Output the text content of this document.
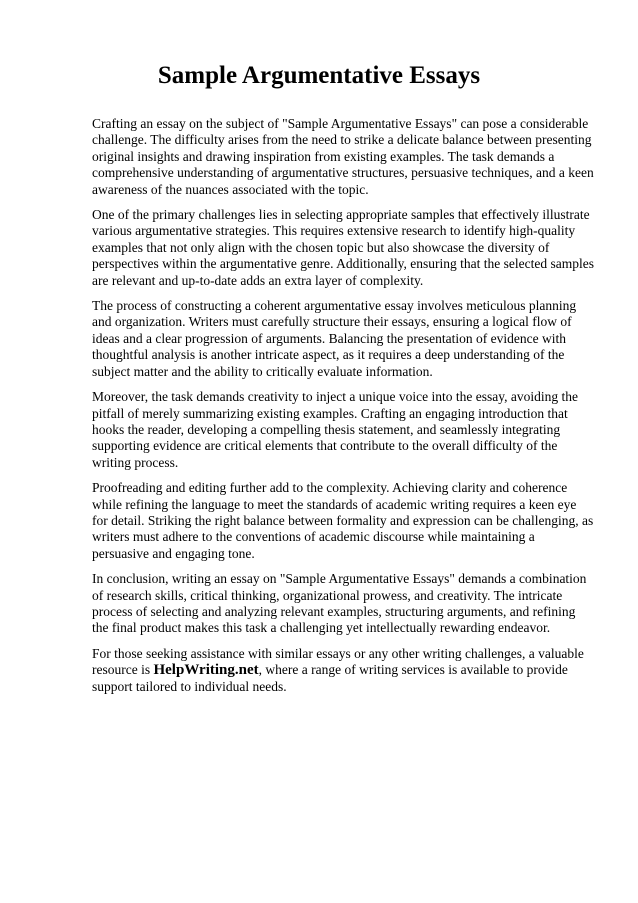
Sample Argumentative Essays

Crafting an essay on the subject of "Sample Argumentative Essays" can pose a considerable challenge. The difficulty arises from the need to strike a delicate balance between presenting original insights and drawing inspiration from existing examples. The task demands a comprehensive understanding of argumentative structures, persuasive techniques, and a keen awareness of the nuances associated with the topic.

One of the primary challenges lies in selecting appropriate samples that effectively illustrate various argumentative strategies. This requires extensive research to identify high-quality examples that not only align with the chosen topic but also showcase the diversity of perspectives within the argumentative genre. Additionally, ensuring that the selected samples are relevant and up-to-date adds an extra layer of complexity.

The process of constructing a coherent argumentative essay involves meticulous planning and organization. Writers must carefully structure their essays, ensuring a logical flow of ideas and a clear progression of arguments. Balancing the presentation of evidence with thoughtful analysis is another intricate aspect, as it requires a deep understanding of the subject matter and the ability to critically evaluate information.

Moreover, the task demands creativity to inject a unique voice into the essay, avoiding the pitfall of merely summarizing existing examples. Crafting an engaging introduction that hooks the reader, developing a compelling thesis statement, and seamlessly integrating supporting evidence are critical elements that contribute to the overall difficulty of the writing process.

Proofreading and editing further add to the complexity. Achieving clarity and coherence while refining the language to meet the standards of academic writing requires a keen eye for detail. Striking the right balance between formality and expression can be challenging, as writers must adhere to the conventions of academic discourse while maintaining a persuasive and engaging tone.

In conclusion, writing an essay on "Sample Argumentative Essays" demands a combination of research skills, critical thinking, organizational prowess, and creativity. The intricate process of selecting and analyzing relevant examples, structuring arguments, and refining the final product makes this task a challenging yet intellectually rewarding endeavor.

For those seeking assistance with similar essays or any other writing challenges, a valuable resource is HelpWriting.net, where a range of writing services is available to provide support tailored to individual needs.
